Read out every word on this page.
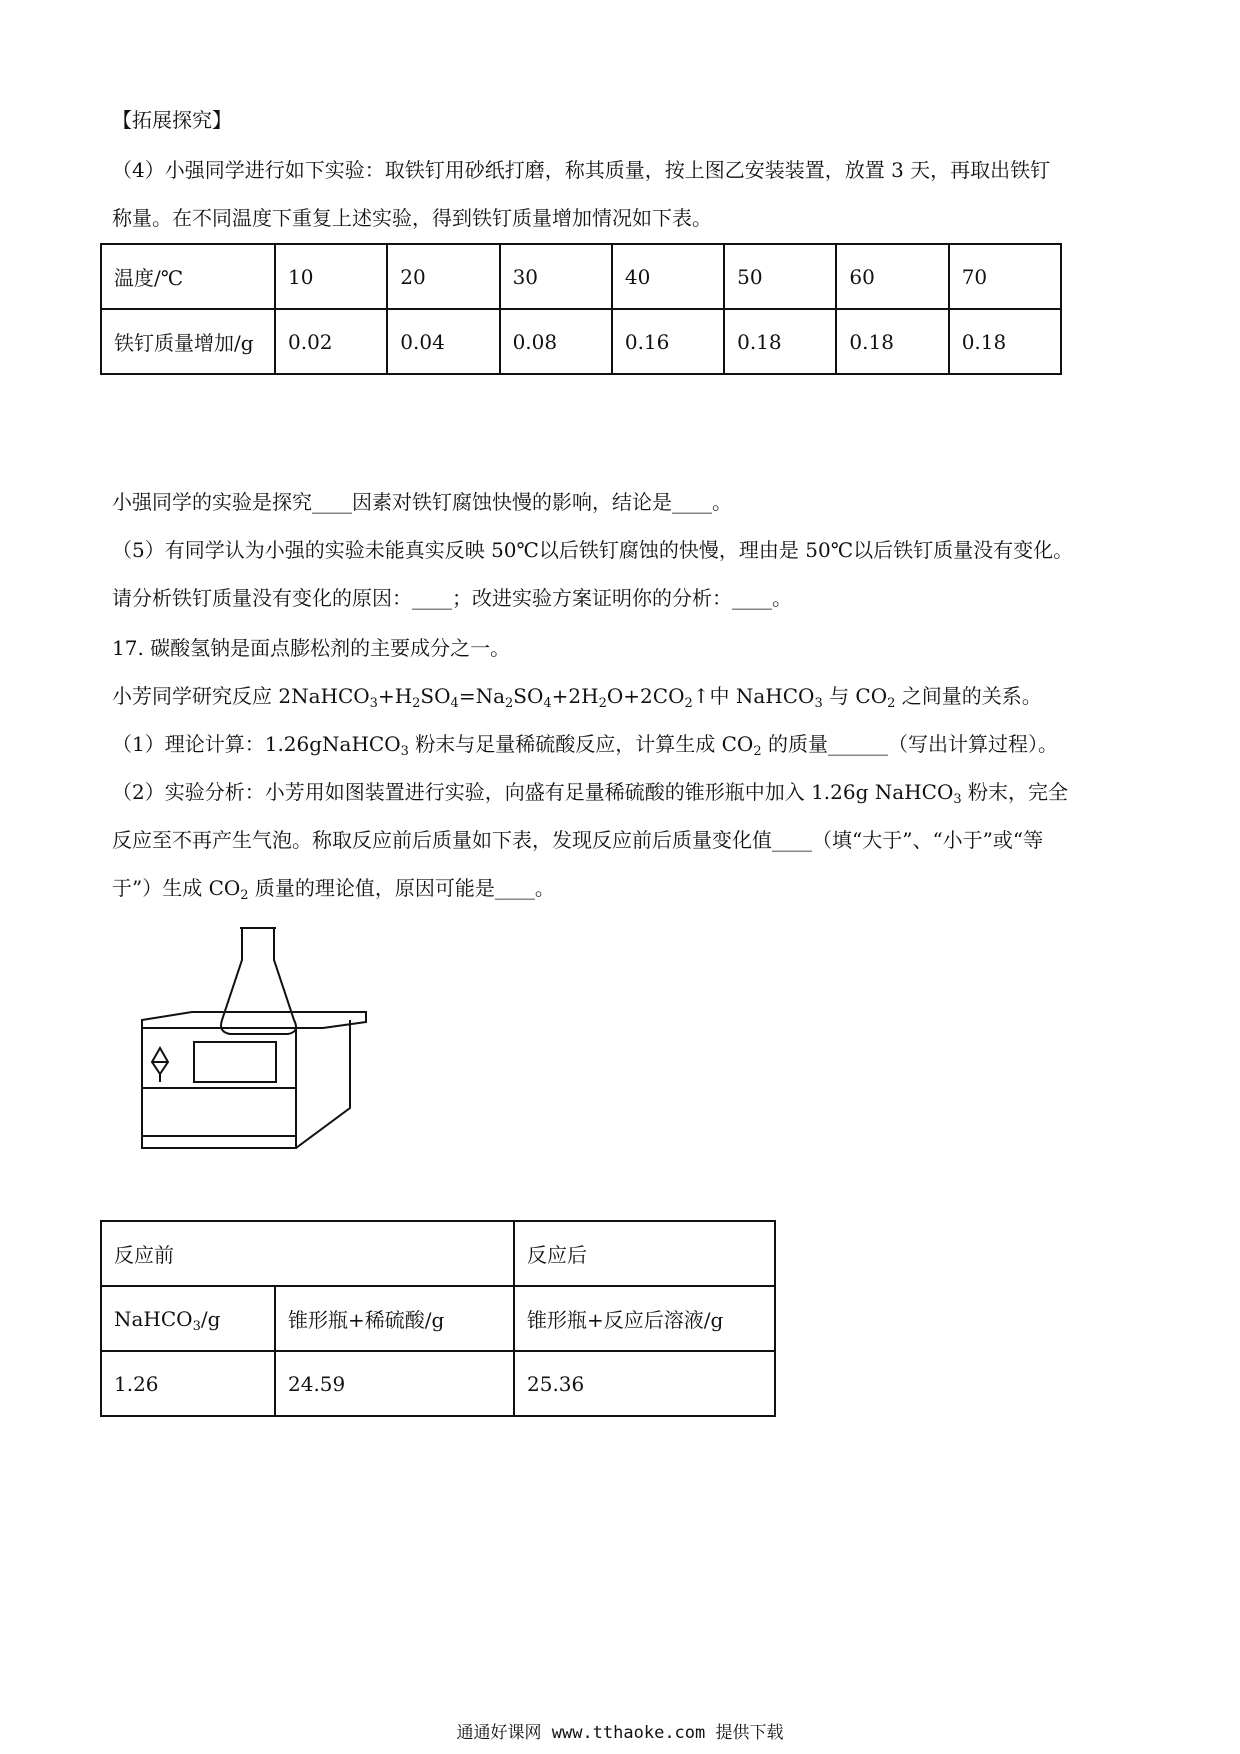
【拓展探究】
（4）小强同学进行如下实验：取铁钉用砂纸打磨，称其质量，按上图乙安装装置，放置 3 天，再取出铁钉
称量。在不同温度下重复上述实验，得到铁钉质量增加情况如下表。
温度/℃	10	20	30	40	50	60	70
铁钉质量增加/g	0.02	0.04	0.08	0.16	0.18	0.18	0.18
小强同学的实验是探究____因素对铁钉腐蚀快慢的影响，结论是____。
（5）有同学认为小强的实验未能真实反映 50℃以后铁钉腐蚀的快慢，理由是 50℃以后铁钉质量没有变化。
请分析铁钉质量没有变化的原因：____；改进实验方案证明你的分析：____。
17. 碳酸氢钠是面点膨松剂的主要成分之一。
小芳同学研究反应 $2NaHCO_3+H_2SO_4=Na_2SO_4+2H_2O+2CO_2↑$中 NaHCO$_3$ 与 $CO_2$ 之间量的关系。
（1）理论计算：1.26gNaHCO$_3$ 粉末与足量稀硫酸反应，计算生成 $CO_2$ 的质量______（写出计算过程）。
（2）实验分析：小芳用如图装置进行实验，向盛有足量稀硫酸的锥形瓶中加入 1.26g NaHCO$_3$ 粉末，完全
反应至不再产生气泡。称取反应前后质量如下表，发现反应前后质量变化值____（填“大于”、“小于”或“等
于”）生成 $CO_2$ 质量的理论值，原因可能是____。
反应前		反应后
NaHCO$_3$/g	锥形瓶+稀硫酸/g	锥形瓶+反应后溶液/g
1.26	24.59	25.36
通通好课网 www.tthaoke.com 提供下载
